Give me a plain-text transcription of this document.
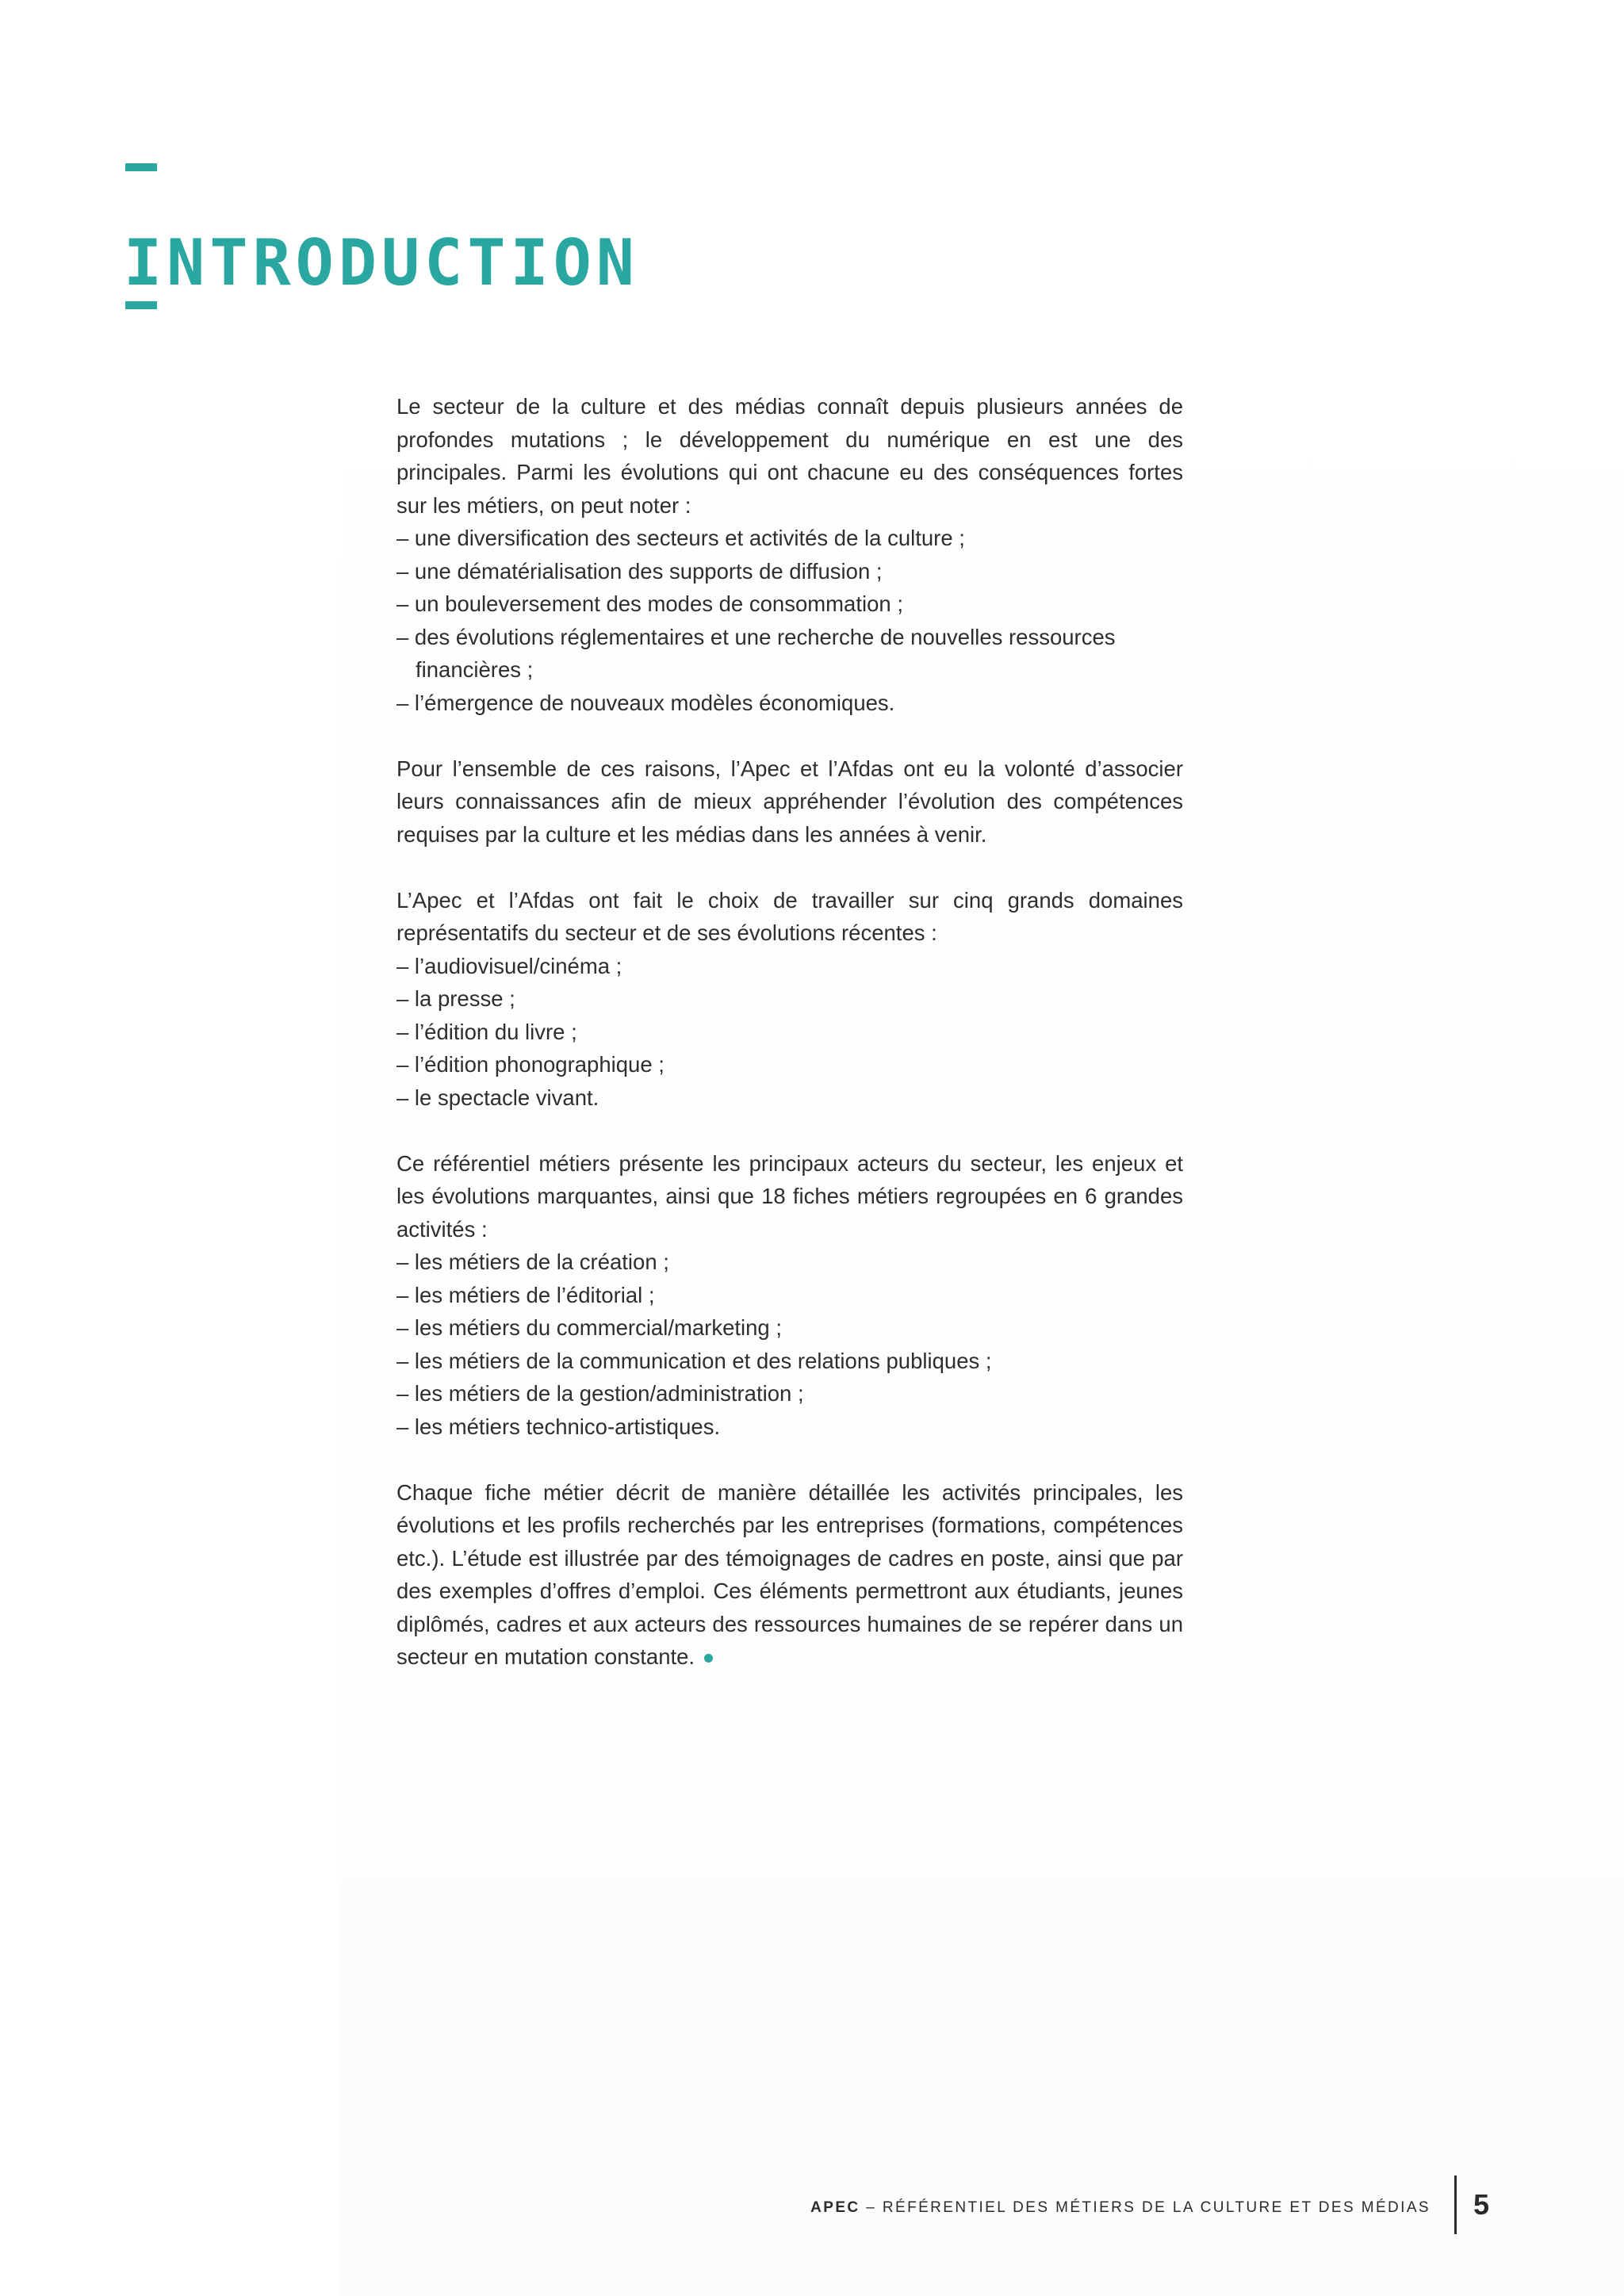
INTRODUCTION

Le secteur de la culture et des médias connaît depuis plusieurs années de profondes mutations ; le développement du numérique en est une des principales. Parmi les évolutions qui ont chacune eu des conséquences fortes sur les métiers, on peut noter :

– une diversification des secteurs et activités de la culture ;
– une dématérialisation des supports de diffusion ;
– un bouleversement des modes de consommation ;
– des évolutions réglementaires et une recherche de nouvelles ressources financières ;
– l’émergence de nouveaux modèles économiques.

Pour l’ensemble de ces raisons, l’Apec et l’Afdas ont eu la volonté d’associer leurs connaissances afin de mieux appréhender l’évolution des compétences requises par la culture et les médias dans les années à venir.

L’Apec et l’Afdas ont fait le choix de travailler sur cinq grands domaines représentatifs du secteur et de ses évolutions récentes :

– l’audiovisuel/cinéma ;
– la presse ;
– l’édition du livre ;
– l’édition phonographique ;
– le spectacle vivant.

Ce référentiel métiers présente les principaux acteurs du secteur, les enjeux et les évolutions marquantes, ainsi que 18 fiches métiers regroupées en 6 grandes activités :

– les métiers de la création ;
– les métiers de l’éditorial ;
– les métiers du commercial/marketing ;
– les métiers de la communication et des relations publiques ;
– les métiers de la gestion/administration ;
– les métiers technico-artistiques.

Chaque fiche métier décrit de manière détaillée les activités principales, les évolutions et les profils recherchés par les entreprises (formations, compétences etc.). L’étude est illustrée par des témoignages de cadres en poste, ainsi que par des exemples d’offres d’emploi. Ces éléments permettront aux étudiants, jeunes diplômés, cadres et aux acteurs des ressources humaines de se repérer dans un secteur en mutation constante.

APEC – RÉFÉRENTIEL DES MÉTIERS DE LA CULTURE ET DES MÉDIAS 5
